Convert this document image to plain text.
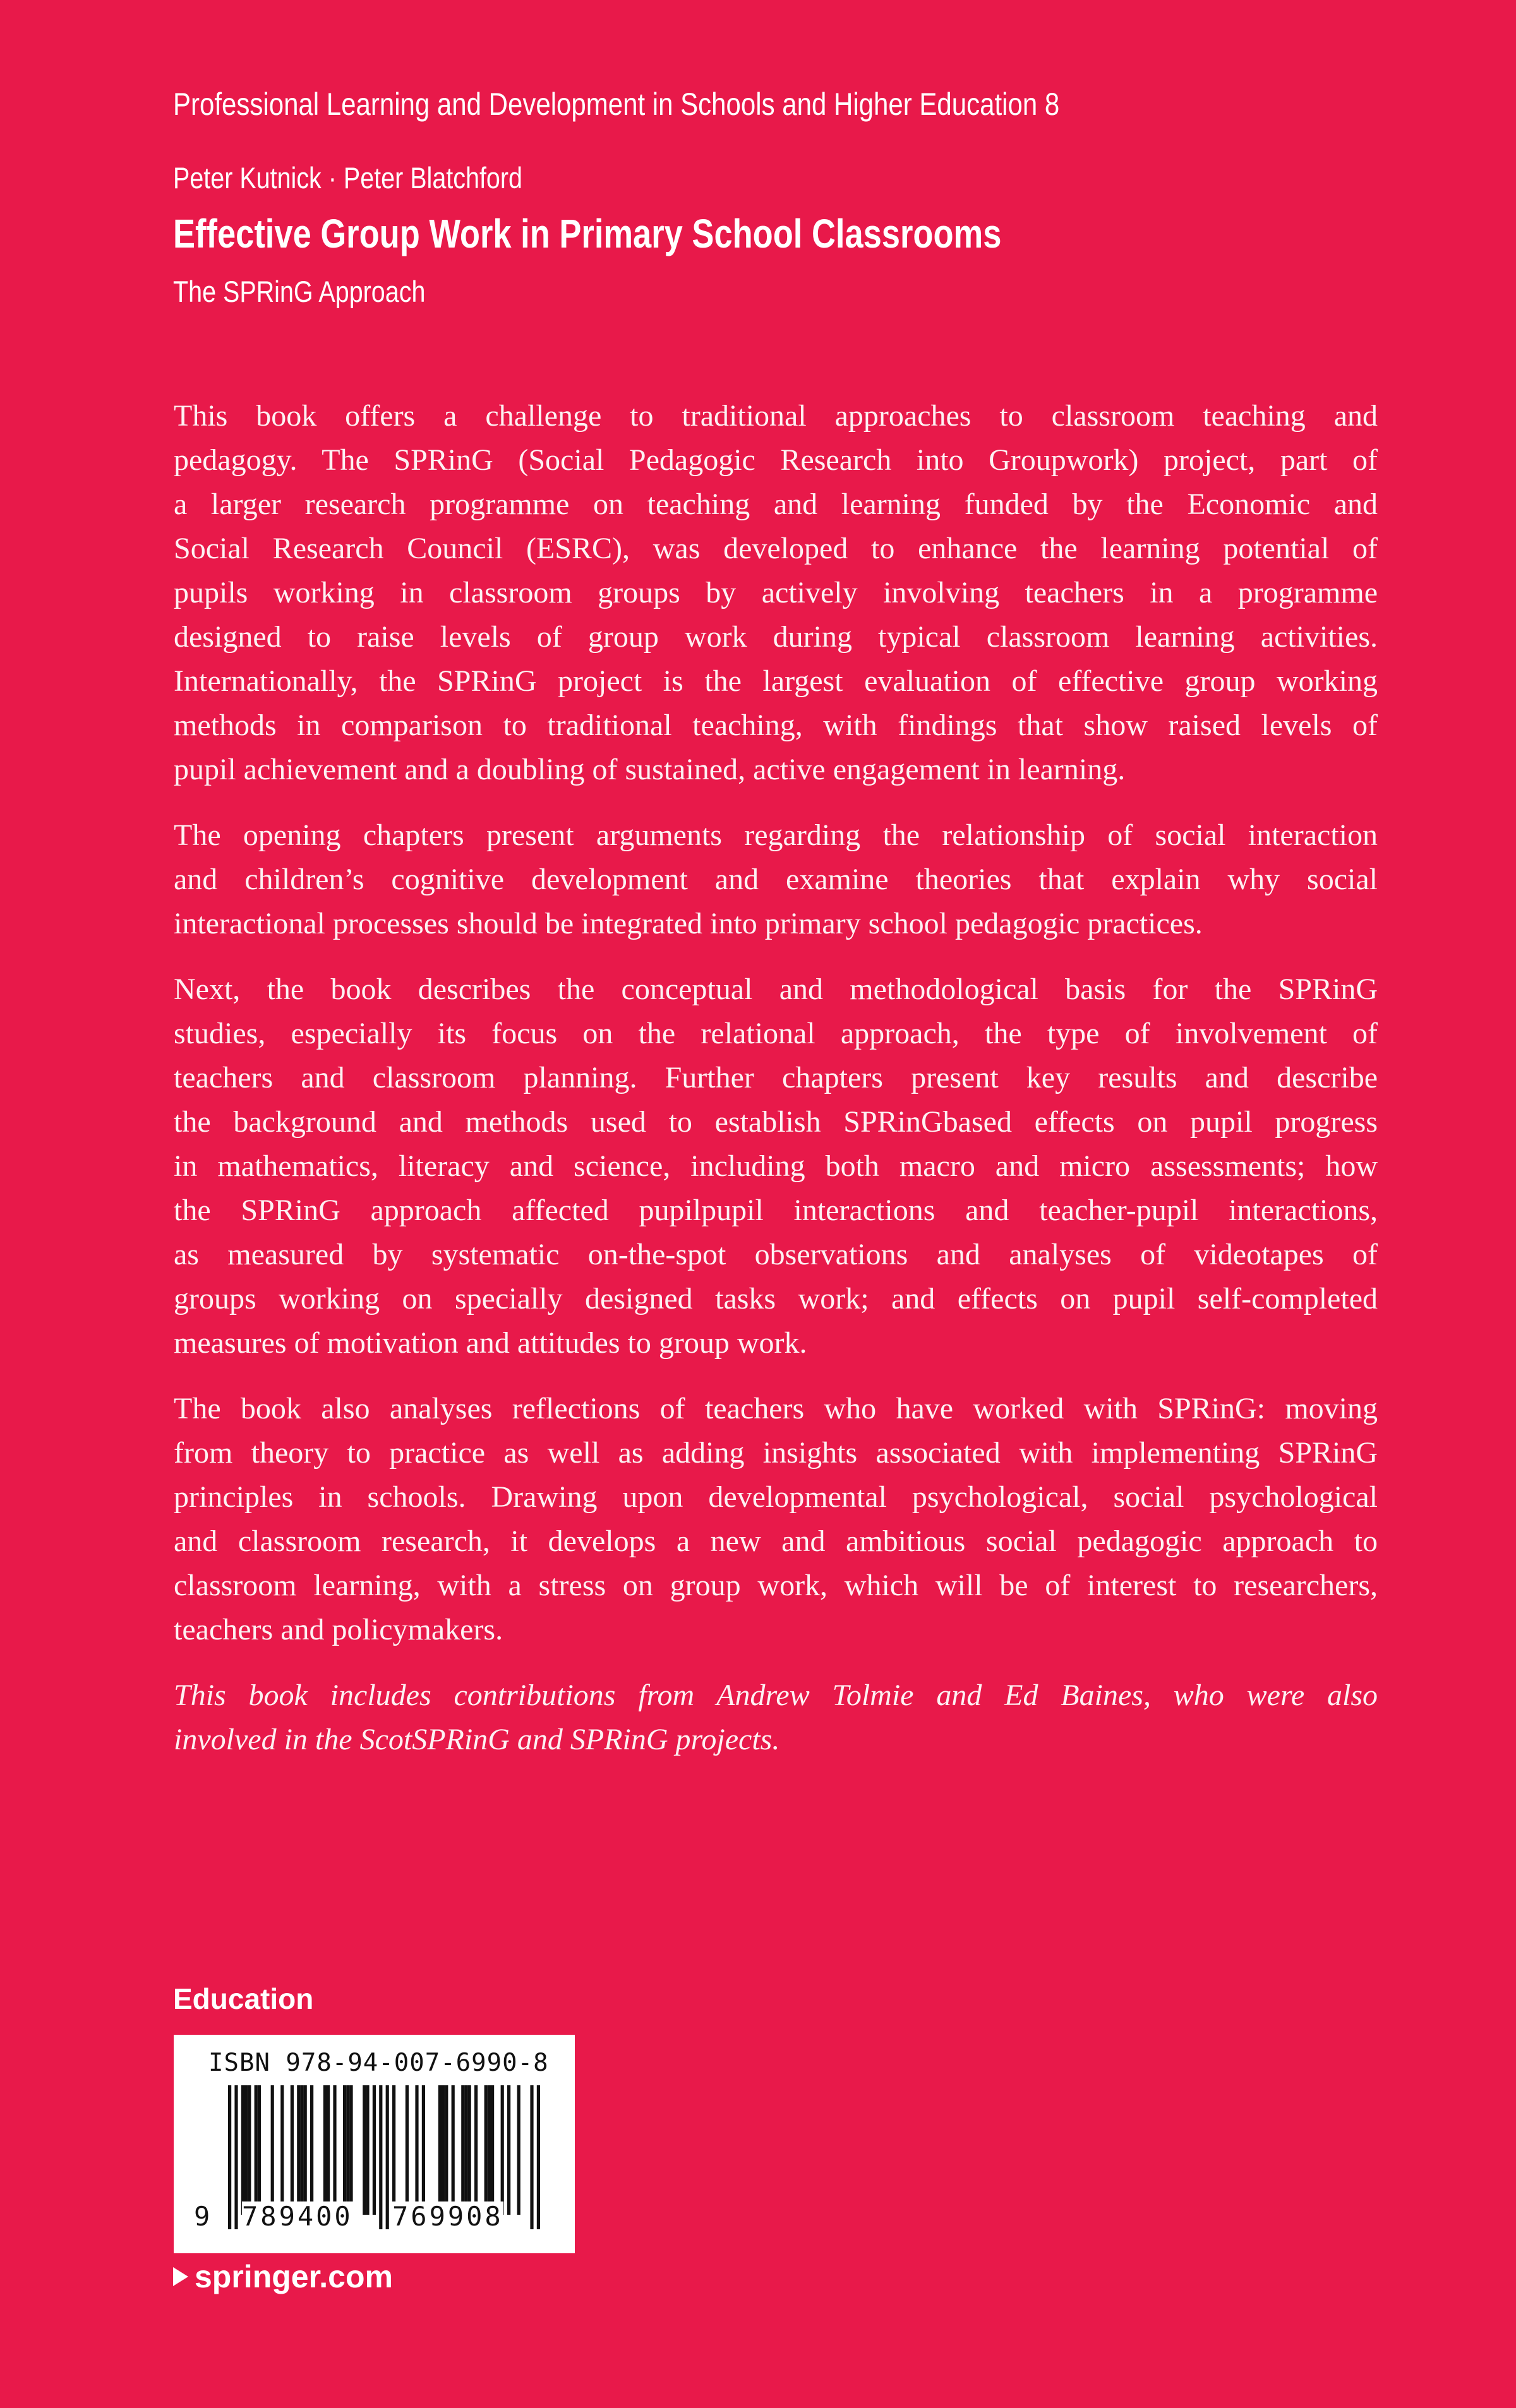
Professional Learning and Development in Schools and Higher Education 8
Peter Kutnick · Peter Blatchford
Effective Group Work in Primary School Classrooms
The SPRinG Approach
This book offers a challenge to traditional approaches to classroom teaching and
pedagogy. The SPRinG (Social Pedagogic Research into Groupwork) project, part of
a larger research programme on teaching and learning funded by the Economic and
Social Research Council (ESRC), was developed to enhance the learning potential of
pupils working in classroom groups by actively involving teachers in a programme
designed to raise levels of group work during typical classroom learning activities.
Internationally, the SPRinG project is the largest evaluation of effective group working
methods in comparison to traditional teaching, with findings that show raised levels of
pupil achievement and a doubling of sustained, active engagement in learning.
The opening chapters present arguments regarding the relationship of social interaction
and children’s cognitive development and examine theories that explain why social
interactional processes should be integrated into primary school pedagogic practices.
Next, the book describes the conceptual and methodological basis for the SPRinG
studies, especially its focus on the relational approach, the type of involvement of
teachers and classroom planning. Further chapters present key results and describe
the background and methods used to establish SPRinGbased effects on pupil progress
in mathematics, literacy and science, including both macro and micro assessments; how
the SPRinG approach affected pupilpupil interactions and teacher-pupil interactions,
as measured by systematic on-the-spot observations and analyses of videotapes of
groups working on specially designed tasks work; and effects on pupil self-completed
measures of motivation and attitudes to group work.
The book also analyses reflections of teachers who have worked with SPRinG: moving
from theory to practice as well as adding insights associated with implementing SPRinG
principles in schools. Drawing upon developmental psychological, social psychological
and classroom research, it develops a new and ambitious social pedagogic approach to
classroom learning, with a stress on group work, which will be of interest to researchers,
teachers and policymakers.
This book includes contributions from Andrew Tolmie and Ed Baines, who were also
involved in the ScotSPRinG and SPRinG projects.
Education
ISBN 978-94-007-6990-8
9 789400 769908
springer.com
